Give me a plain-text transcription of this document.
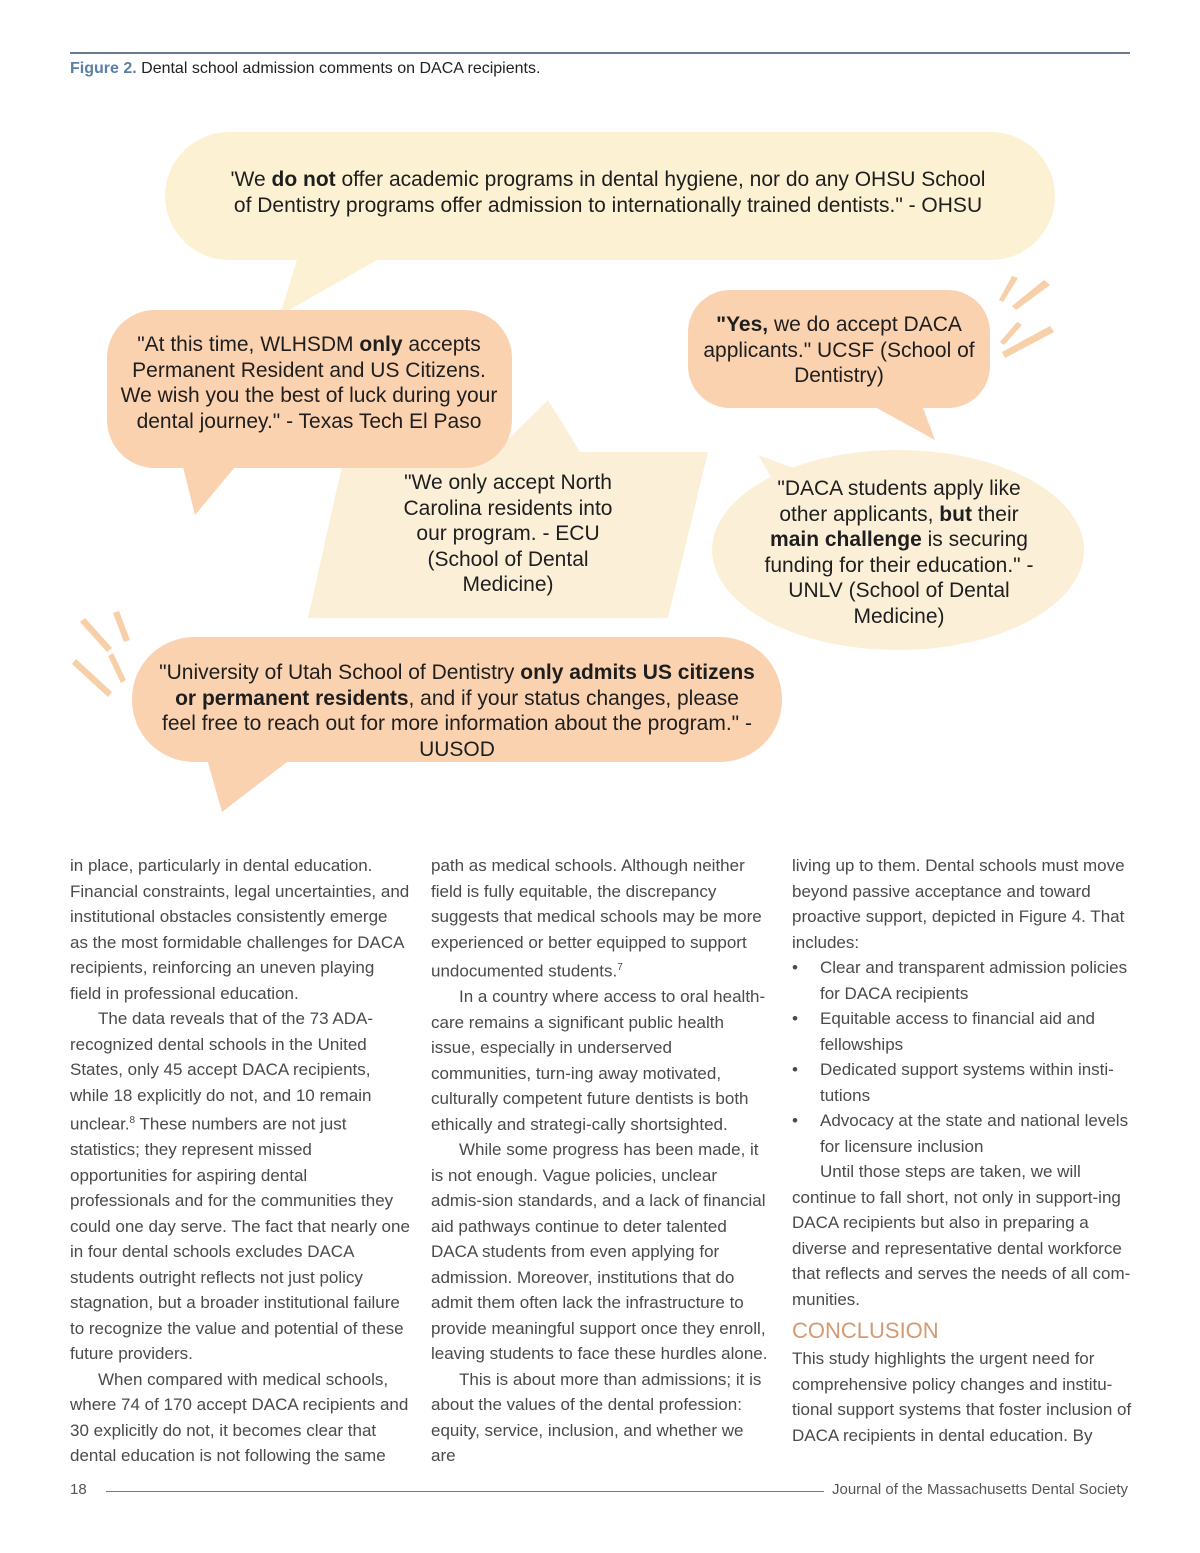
Figure 2. Dental school admission comments on DACA recipients.
'We do not offer academic programs in dental hygiene, nor do any OHSU School of Dentistry programs offer admission to internationally trained dentists." - OHSU
"At this time, WLHSDM only accepts Permanent Resident and US Citizens. We wish you the best of luck during your dental journey." - Texas Tech El Paso
"Yes, we do accept DACA applicants." UCSF (School of Dentistry)
"We only accept North Carolina residents into our program. - ECU (School of Dental Medicine)
"DACA students apply like other applicants, but their main challenge is securing funding for their education." - UNLV (School of Dental Medicine)
"University of Utah School of Dentistry only admits US citizens or permanent residents, and if your status changes, please feel free to reach out for more information about the program." - UUSOD

in place, particularly in dental education. Financial constraints, legal uncertainties, and institutional obstacles consistently emerge as the most formidable challenges for DACA recipients, reinforcing an uneven playing field in professional education.

The data reveals that of the 73 ADA-recognized dental schools in the United States, only 45 accept DACA recipients, while 18 explicitly do not, and 10 remain unclear.$^8$ These numbers are not just statistics; they represent missed opportunities for aspiring dental professionals and for the communities they could one day serve. The fact that nearly one in four dental schools excludes DACA students outright reflects not just policy stagnation, but a broader institutional failure to recognize the value and potential of these future providers.

When compared with medical schools, where 74 of 170 accept DACA recipients and 30 explicitly do not, it becomes clear that dental education is not following the same

path as medical schools. Although neither field is fully equitable, the discrepancy suggests that medical schools may be more experienced or better equipped to support undocumented students.$^7$

In a country where access to oral health-care remains a significant public health issue, especially in underserved communities, turn-ing away motivated, culturally competent future dentists is both ethically and strategi-cally shortsighted.

While some progress has been made, it is not enough. Vague policies, unclear admis-sion standards, and a lack of financial aid pathways continue to deter talented DACA students from even applying for admission. Moreover, institutions that do admit them often lack the infrastructure to provide meaningful support once they enroll, leaving students to face these hurdles alone.

This is about more than admissions; it is about the values of the dental profession: equity, service, inclusion, and whether we are

living up to them. Dental schools must move beyond passive acceptance and toward proactive support, depicted in Figure 4. That includes:

• Clear and transparent admission policies for DACA recipients
• Equitable access to financial aid and fellowships
• Dedicated support systems within insti-tutions
• Advocacy at the state and national levels for licensure inclusion

Until those steps are taken, we will continue to fall short, not only in support-ing DACA recipients but also in preparing a diverse and representative dental workforce that reflects and serves the needs of all com-munities.

CONCLUSION

This study highlights the urgent need for comprehensive policy changes and institu-tional support systems that foster inclusion of DACA recipients in dental education. By

18	Journal of the Massachusetts Dental Society
